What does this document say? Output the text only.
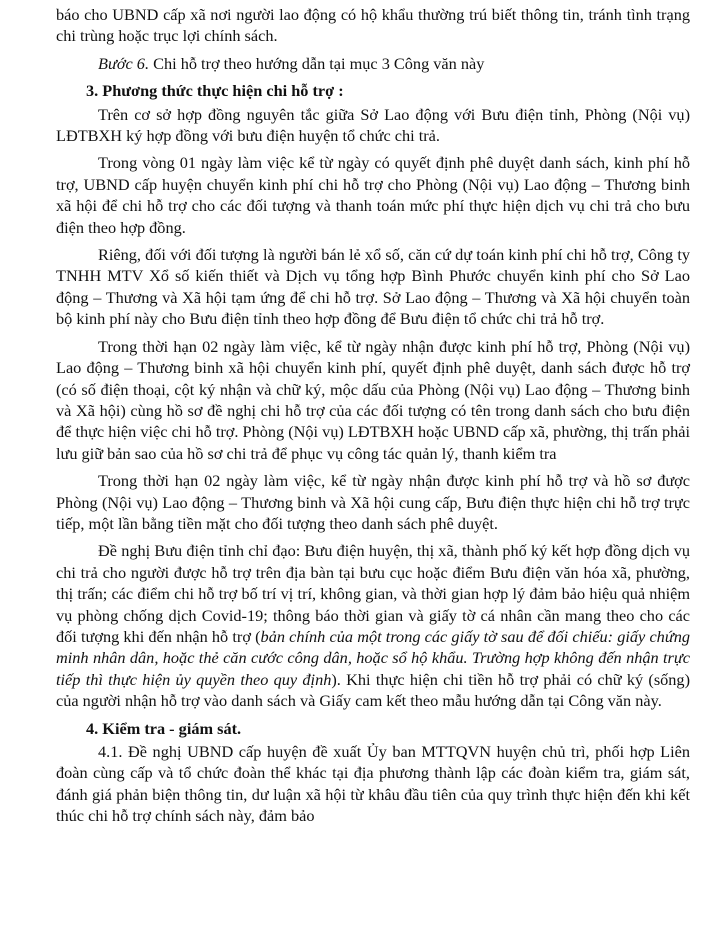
báo cho UBND cấp xã nơi người lao động có hộ khẩu thường trú biết thông tin, tránh tình trạng chi trùng hoặc trục lợi chính sách.

Bước 6. Chi hỗ trợ theo hướng dẫn tại mục 3 Công văn này

3. Phương thức thực hiện chi hỗ trợ :

Trên cơ sở hợp đồng nguyên tắc giữa Sở Lao động với Bưu điện tỉnh, Phòng (Nội vụ) LĐTBXH ký hợp đồng với bưu điện huyện tổ chức chi trả.

Trong vòng 01 ngày làm việc kể từ ngày có quyết định phê duyệt danh sách, kinh phí hỗ trợ, UBND cấp huyện chuyển kinh phí chi hỗ trợ cho Phòng (Nội vụ) Lao động – Thương binh xã hội để chi hỗ trợ cho các đối tượng và thanh toán mức phí thực hiện dịch vụ chi trả cho bưu điện theo hợp đồng.

Riêng, đối với đối tượng là người bán lẻ xổ số, căn cứ dự toán kinh phí chi hỗ trợ, Công ty TNHH MTV Xổ số kiến thiết và Dịch vụ tổng hợp Bình Phước chuyển kinh phí cho Sở Lao động – Thương và Xã hội tạm ứng để chi hỗ trợ. Sở Lao động – Thương và Xã hội chuyển toàn bộ kinh phí này cho Bưu điện tỉnh theo hợp đồng để Bưu điện tổ chức chi trả hỗ trợ.

Trong thời hạn 02 ngày làm việc, kể từ ngày nhận được kinh phí hỗ trợ, Phòng (Nội vụ) Lao động – Thương binh xã hội chuyển kinh phí, quyết định phê duyệt, danh sách được hỗ trợ (có số điện thoại, cột ký nhận và chữ ký, mộc dấu của Phòng (Nội vụ) Lao động – Thương binh và Xã hội) cùng hồ sơ đề nghị chi hỗ trợ của các đối tượng có tên trong danh sách cho bưu điện để thực hiện việc chi hỗ trợ. Phòng (Nội vụ) LĐTBXH hoặc UBND cấp xã, phường, thị trấn phải lưu giữ bản sao của hồ sơ chi trả để phục vụ công tác quản lý, thanh kiểm tra

Trong thời hạn 02 ngày làm việc, kể từ ngày nhận được kinh phí hỗ trợ và hồ sơ được Phòng (Nội vụ) Lao động – Thương binh và Xã hội cung cấp, Bưu điện thực hiện chi hỗ trợ trực tiếp, một lần bằng tiền mặt cho đối tượng theo danh sách phê duyệt.

Đề nghị Bưu điện tỉnh chỉ đạo: Bưu điện huyện, thị xã, thành phố ký kết hợp đồng dịch vụ chi trả cho người được hỗ trợ trên địa bàn tại bưu cục hoặc điểm Bưu điện văn hóa xã, phường, thị trấn; các điểm chi hỗ trợ bố trí vị trí, không gian, và thời gian hợp lý đảm bảo hiệu quả nhiệm vụ phòng chống dịch Covid-19; thông báo thời gian và giấy tờ cá nhân cần mang theo cho các đối tượng khi đến nhận hỗ trợ (bản chính của một trong các giấy tờ sau để đối chiếu: giấy chứng minh nhân dân, hoặc thẻ căn cước công dân, hoặc sổ hộ khẩu. Trường hợp không đến nhận trực tiếp thì thực hiện ủy quyền theo quy định). Khi thực hiện chi tiền hỗ trợ phải có chữ ký (sống) của người nhận hỗ trợ vào danh sách và Giấy cam kết theo mẫu hướng dẫn tại Công văn này.

4. Kiểm tra - giám sát.

4.1. Đề nghị UBND cấp huyện đề xuất Ủy ban MTTQVN huyện chủ trì, phối hợp Liên đoàn cùng cấp và tổ chức đoàn thể khác tại địa phương thành lập các đoàn kiểm tra, giám sát, đánh giá phản biện thông tin, dư luận xã hội từ khâu đầu tiên của quy trình thực hiện đến khi kết thúc chi hỗ trợ chính sách này, đảm bảo
